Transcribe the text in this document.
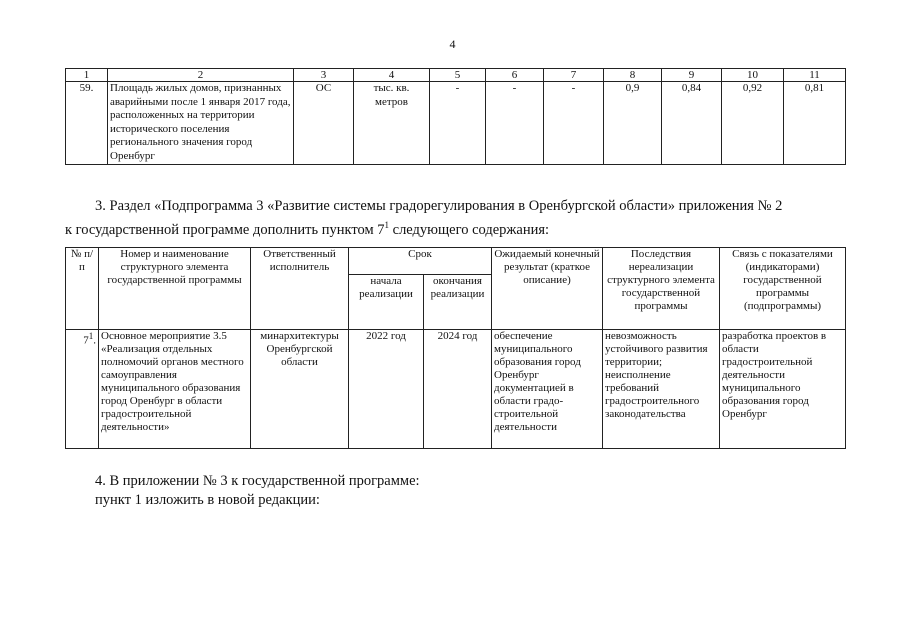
4
1	2	3	4	5	6	7	8	9	10	11
59.	Площадь жилых домов, признанных аварийными после 1 января 2017 года, расположенных на территории исторического поселения регионального значения город Оренбург	ОС	тыс. кв. метров	-	-	-	0,9	0,84	0,92	0,81
3. Раздел «Подпрограмма 3 «Развитие системы градорегулирования в Оренбургской области» приложения № 2
к государственной программе дополнить пунктом $7^1$ следующего содержания:
№ п/п	Номер и наименование структурного элемента государственной программы	Ответственный исполнитель	Срок		Ожидаемый конечный результат (краткое описание)	Последствия нереализации структурного элемента государственной программы	Связь с показателями (индикаторами) государственной программы (подпрограммы)
			начала реализации	окончания реализации			
$7^1$.	Основное мероприятие 3.5 «Реализация отдельных полномочий органов местного самоуправления муниципального образования город Оренбург в области градостроительной деятельности»	минархитектуры Оренбургской области	2022 год	2024 год	обеспечение муниципального образования город Оренбург документацией в области градо-строительной деятельности	невозможность устойчивого развития территории; неисполнение требований градостроительного законодательства	разработка проектов в области градостроительной деятельности муниципального образования город Оренбург
4. В приложении № 3 к государственной программе:
пункт 1 изложить в новой редакции:
